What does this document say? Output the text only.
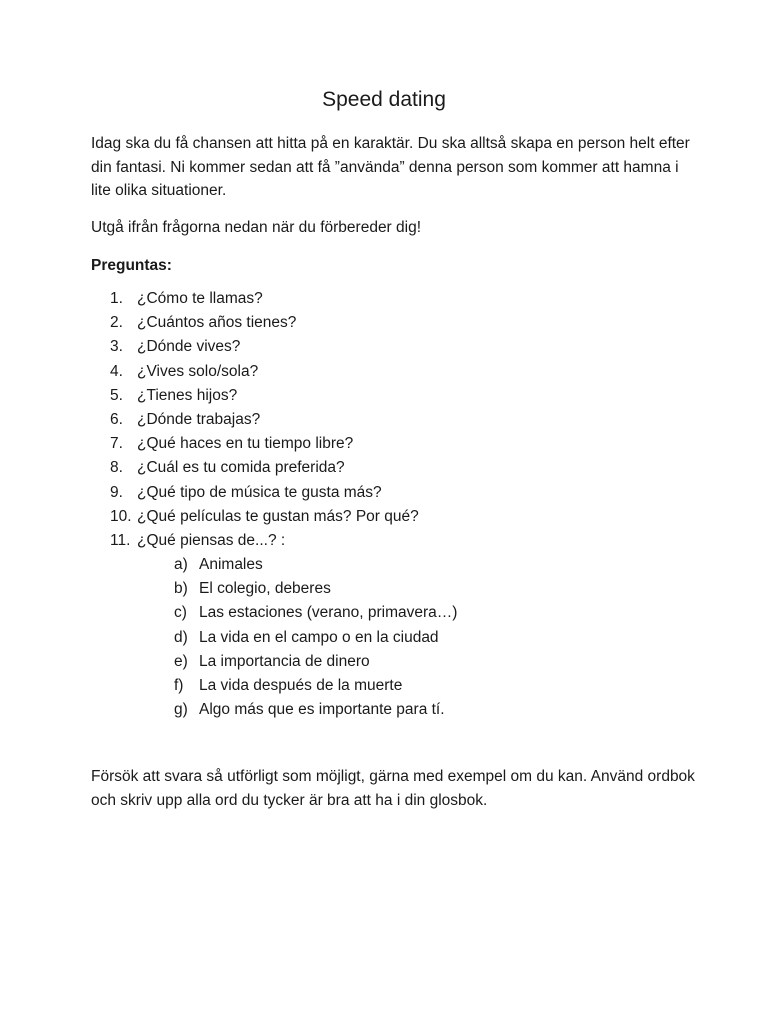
Speed dating

Idag ska du få chansen att hitta på en karaktär. Du ska alltså skapa en person helt efter din fantasi. Ni kommer sedan att få ”använda” denna person som kommer att hamna i lite olika situationer.

Utgå ifrån frågorna nedan när du förbereder dig!

Preguntas:

1. ¿Cómo te llamas?
2. ¿Cuántos años tienes?
3. ¿Dónde vives?
4. ¿Vives solo/sola?
5. ¿Tienes hijos?
6. ¿Dónde trabajas?
7. ¿Qué haces en tu tiempo libre?
8. ¿Cuál es tu comida preferida?
9. ¿Qué tipo de música te gusta más?
10. ¿Qué películas te gustan más? Por qué?
11. ¿Qué piensas de...? :
a) Animales
b) El colegio, deberes
c) Las estaciones (verano, primavera…)
d) La vida en el campo o en la ciudad
e) La importancia de dinero
f)	La vida después de la muerte
g) Algo más que es importante para tí.

Försök att svara så utförligt som möjligt, gärna med exempel om du kan. Använd ordbok och skriv upp alla ord du tycker är bra att ha i din glosbok.
